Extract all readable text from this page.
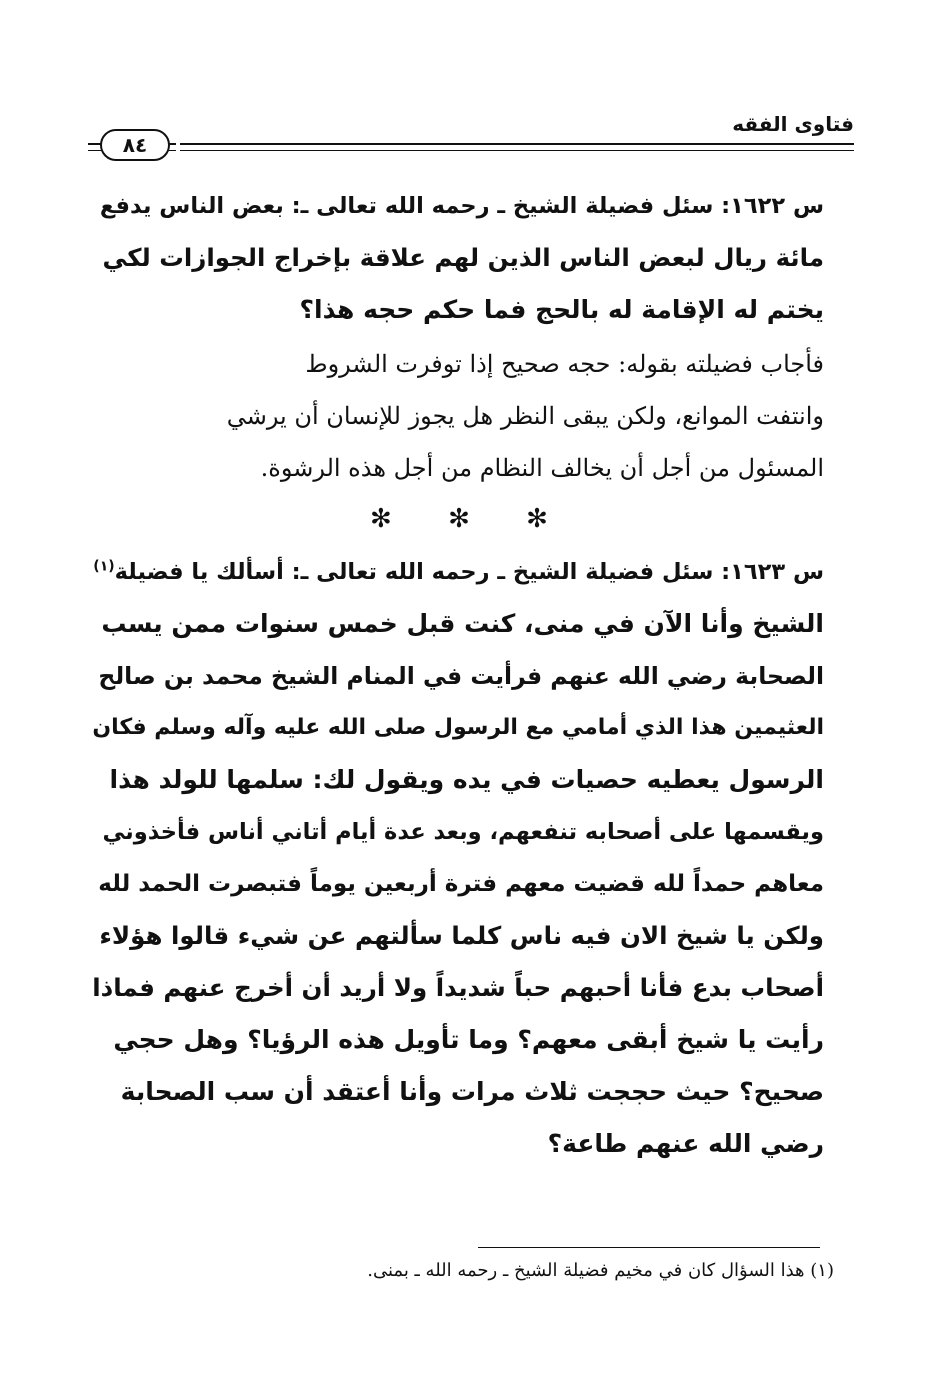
فتاوى الفقه
٨٤
س ١٦٢٢: سئل فضيلة الشيخ ـ رحمه الله تعالى ـ: بعض الناس يدفع
مائة ريال لبعض الناس الذين لهم علاقة بإخراج الجوازات لكي
يختم له الإقامة له بالحج فما حكم حجه هذا؟
فأجاب فضيلته بقوله: حجه صحيح إذا توفرت الشروط
وانتفت الموانع، ولكن يبقى النظر هل يجوز للإنسان أن يرشي
المسئول من أجل أن يخالف النظام من أجل هذه الرشوة.
✻ ✻ ✻
س ١٦٢٣: سئل فضيلة الشيخ ـ رحمه الله تعالى ـ: أسألك يا فضيلة$^{(١)}$
الشيخ وأنا الآن في منى، كنت قبل خمس سنوات ممن يسب
الصحابة رضي الله عنهم فرأيت في المنام الشيخ محمد بن صالح
العثيمين هذا الذي أمامي مع الرسول صلى الله عليه وآله وسلم فكان
الرسول يعطيه حصيات في يده ويقول لك: سلمها للولد هذا
ويقسمها على أصحابه تنفعهم، وبعد عدة أيام أتاني أناس فأخذوني
معاهم حمداً لله قضيت معهم فترة أربعين يوماً فتبصرت الحمد لله
ولكن يا شيخ الان فيه ناس كلما سألتهم عن شيء قالوا هؤلاء
أصحاب بدع فأنا أحبهم حباً شديداً ولا أريد أن أخرج عنهم فماذا
رأيت يا شيخ أبقى معهم؟ وما تأويل هذه الرؤيا؟ وهل حجي
صحيح؟ حيث حججت ثلاث مرات وأنا أعتقد أن سب الصحابة
رضي الله عنهم طاعة؟
(١) هذا السؤال كان في مخيم فضيلة الشيخ ـ رحمه الله ـ بمنى.
